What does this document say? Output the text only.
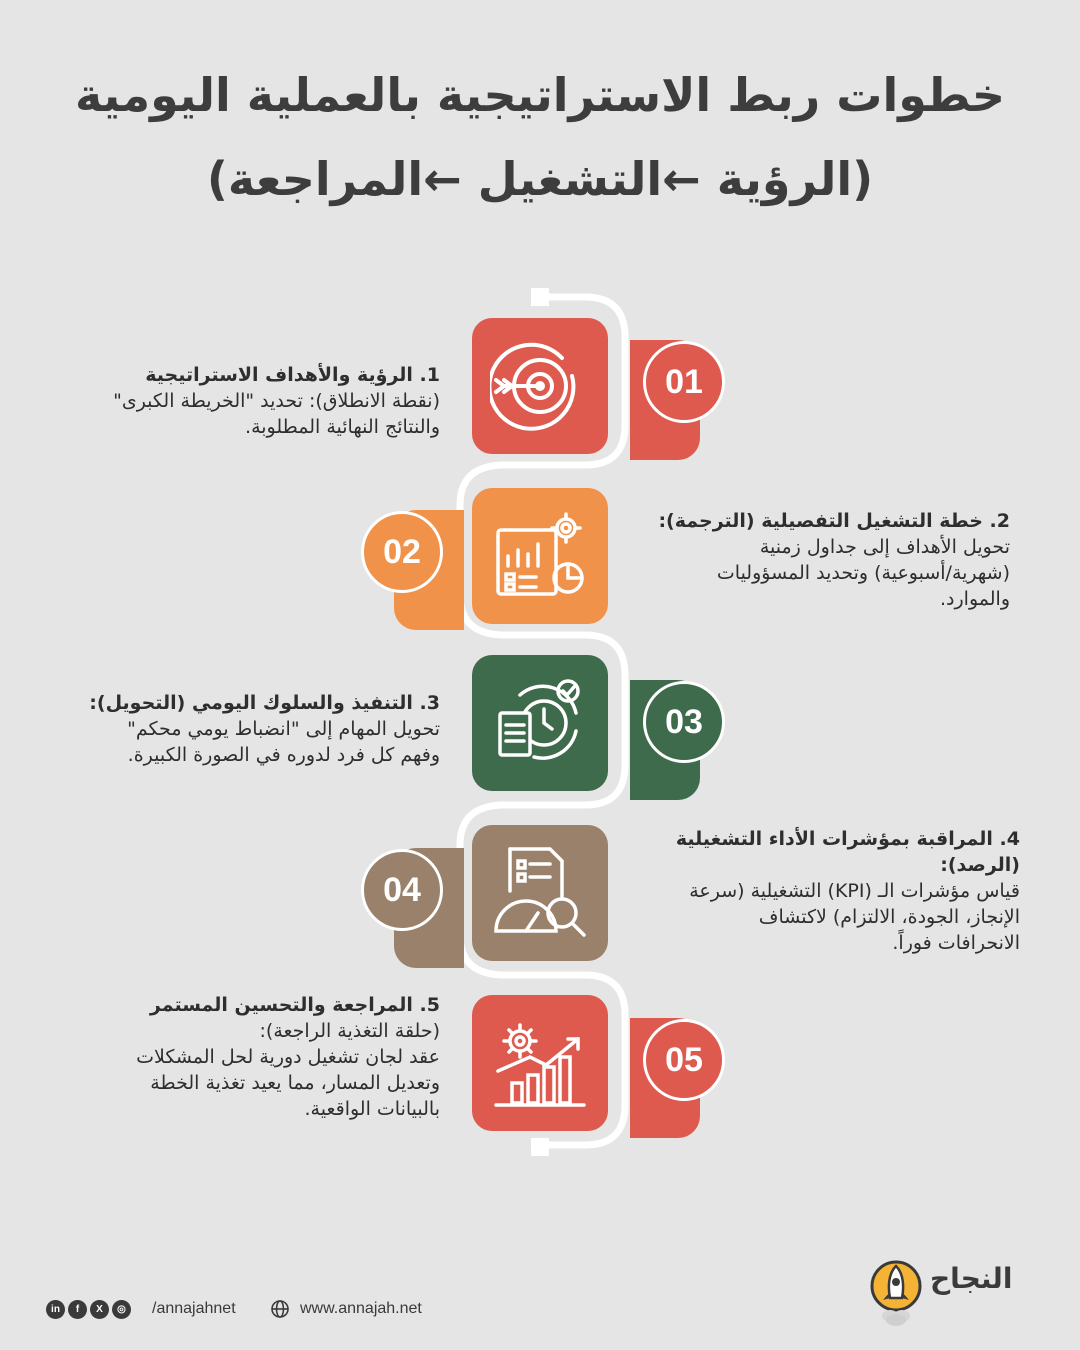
خطوات ربط الاستراتيجية بالعملية اليومية
(الرؤية ←التشغيل ←المراجعة)
01
1. الرؤية والأهداف الاستراتيجية
(نقطة الانطلاق): تحديد "الخريطة الكبرى"
والنتائج النهائية المطلوبة.
02
2. خطة التشغيل التفصيلية (الترجمة):
تحويل الأهداف إلى جداول زمنية
(شهرية/أسبوعية) وتحديد المسؤوليات
والموارد.
03
3. التنفيذ والسلوك اليومي (التحويل):
تحويل المهام إلى "انضباط يومي محكم"
وفهم كل فرد لدوره في الصورة الكبيرة.
04
4. المراقبة بمؤشرات الأداء التشغيلية
(الرصد):
قياس مؤشرات الـ (KPI) التشغيلية (سرعة
الإنجاز، الجودة، الالتزام) لاكتشاف
الانحرافات فوراً.
05
5. المراجعة والتحسين المستمر
(حلقة التغذية الراجعة):
عقد لجان تشغيل دورية لحل المشكلات
وتعديل المسار، مما يعيد تغذية الخطة
بالبيانات الواقعية.
in	f	X	◎	/annajahnet	www.annajah.net
النجاح
